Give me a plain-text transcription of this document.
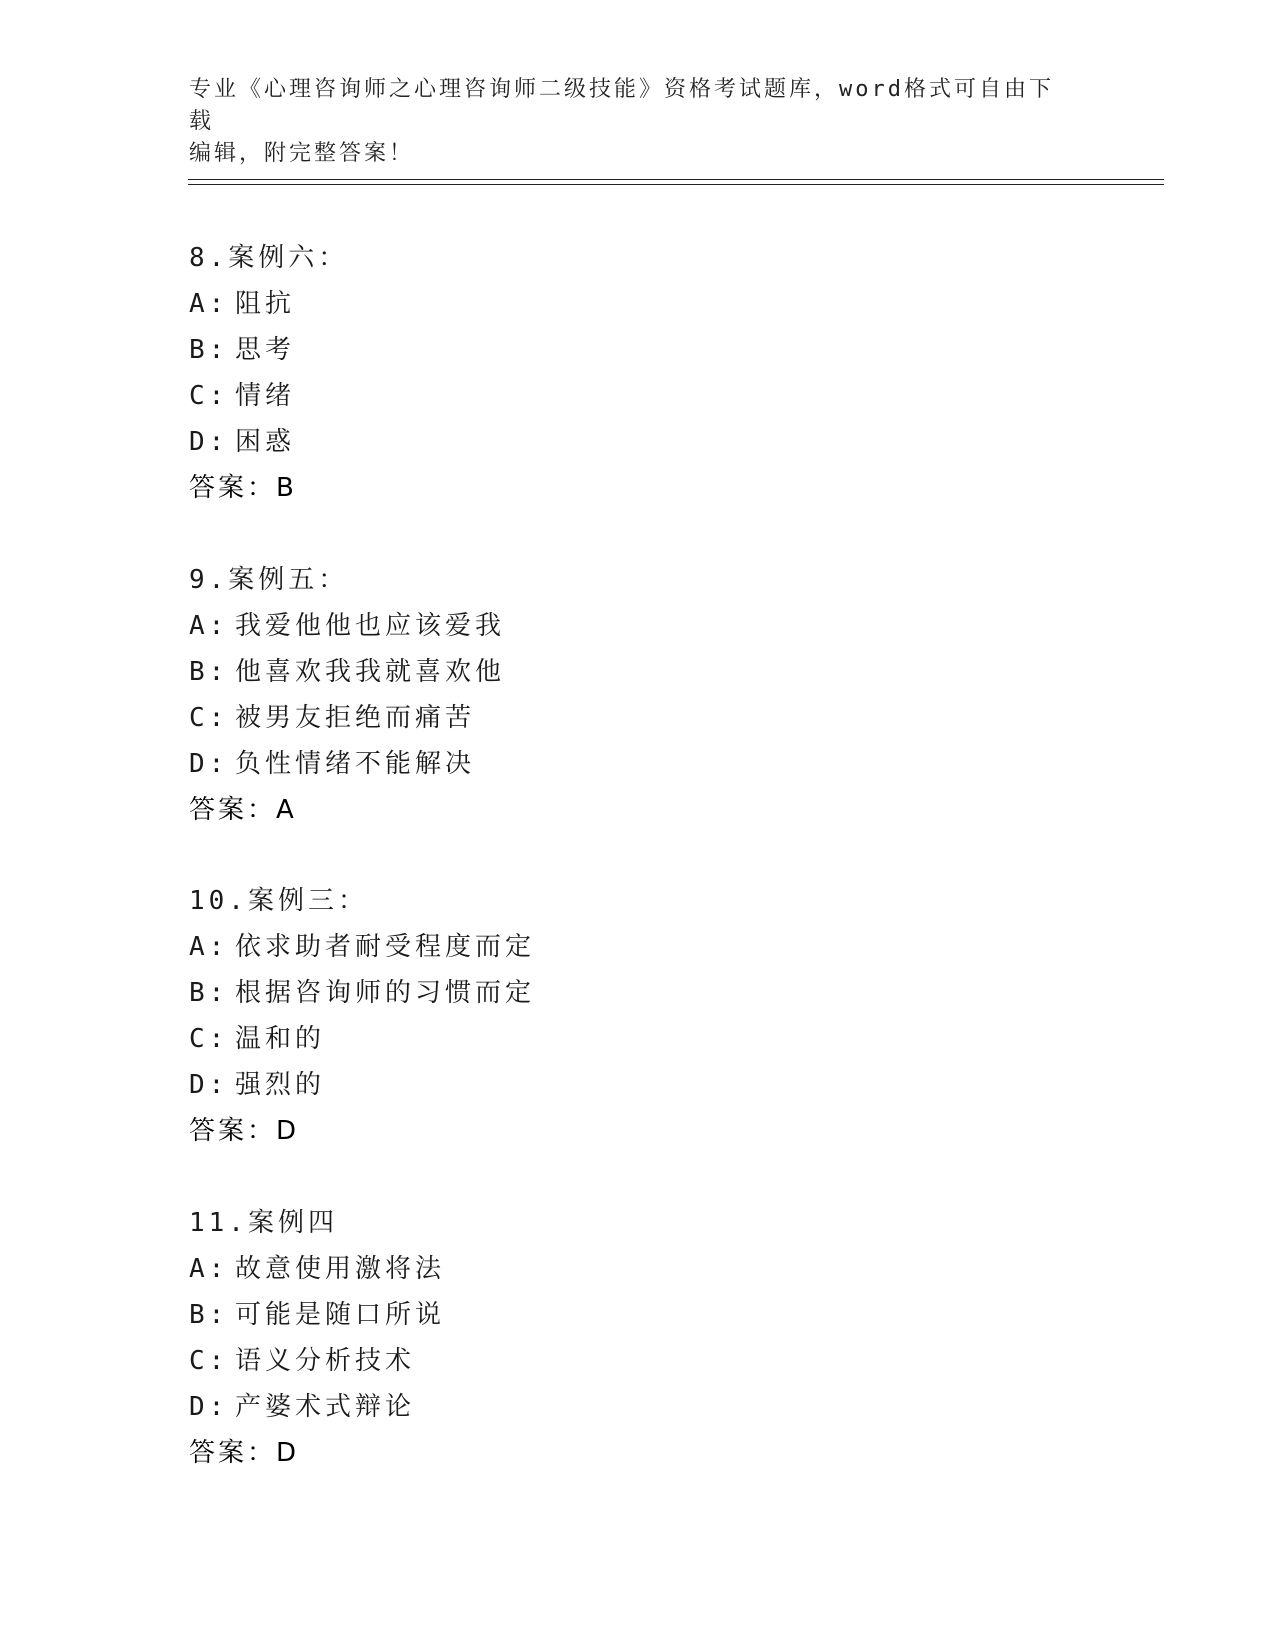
专业《心理咨询师之心理咨询师二级技能》资格考试题库，word格式可自由下载
编辑，附完整答案！
8.案例六：
A: 阻抗
B: 思考
C: 情绪
D: 困惑
答案：B
9.案例五：
A: 我爱他他也应该爱我
B: 他喜欢我我就喜欢他
C: 被男友拒绝而痛苦
D: 负性情绪不能解决
答案：A
10.案例三：
A: 依求助者耐受程度而定
B: 根据咨询师的习惯而定
C: 温和的
D: 强烈的
答案：D
11.案例四
A: 故意使用激将法
B: 可能是随口所说
C: 语义分析技术
D: 产婆术式辩论
答案：D
